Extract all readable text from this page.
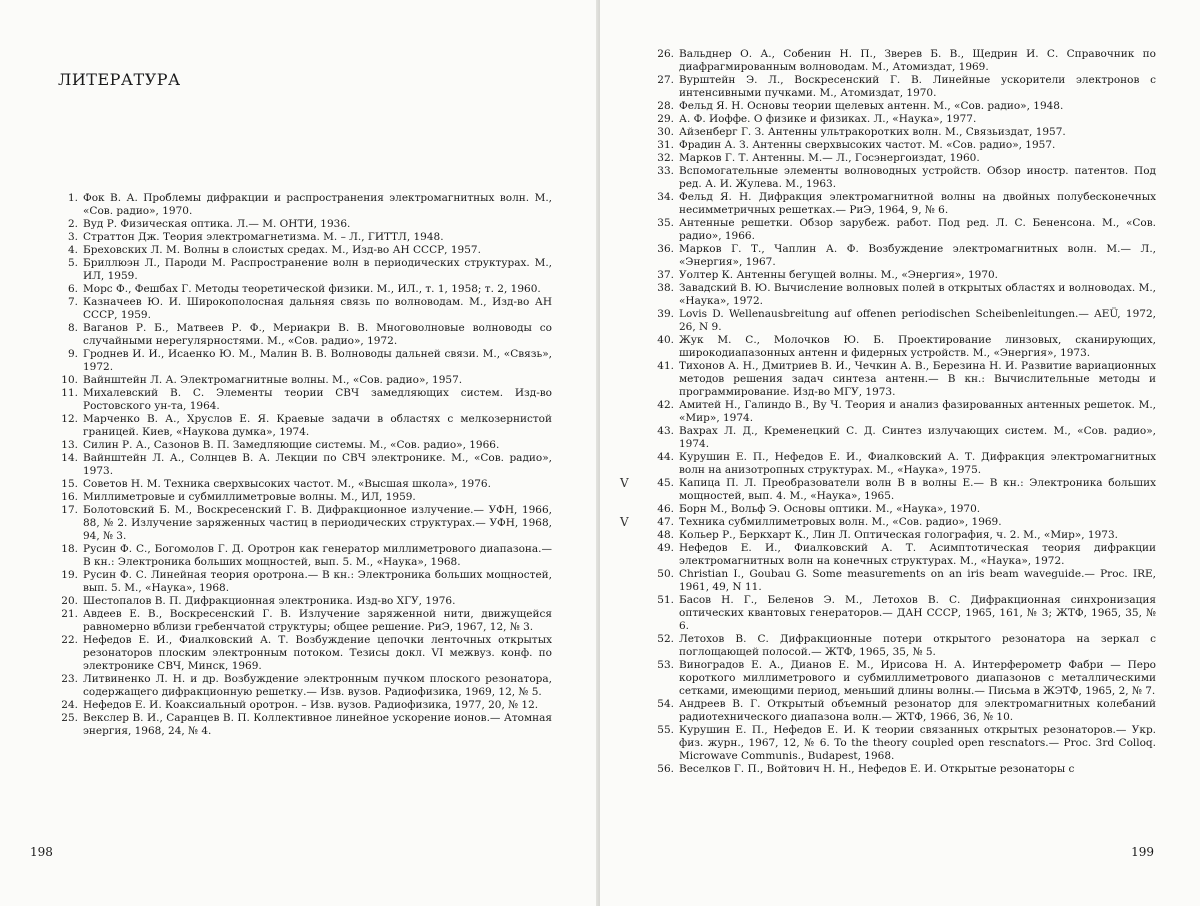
ЛИТЕРАТУРА
1. Фок В. А. Проблемы дифракции и распространения электромагнитных волн. М., «Сов. радио», 1970.
2. Вуд Р. Физическая оптика. Л.— М. ОНТИ, 1936.
3. Страттон Дж. Теория электромагнетизма. М. – Л., ГИТТЛ, 1948.
4. Бреховских Л. М. Волны в слоистых средах. М., Изд-во АН СССР, 1957.
5. Бриллюэн Л., Пароди М. Распространение волн в периодических структурах. М., ИЛ, 1959.
6. Морс Ф., Фешбах Г. Методы теоретической физики. М., ИЛ., т. 1, 1958; т. 2, 1960.
7. Казначеев Ю. И. Широкополосная дальняя связь по волноводам. М., Изд-во АН СССР, 1959.
8. Ваганов Р. Б., Матвеев Р. Ф., Мериакри В. В. Многоволновые волноводы со случайными нерегулярностями. М., «Сов. радио», 1972.
9. Гроднев И. И., Исаенко Ю. М., Малин В. В. Волноводы дальней связи. М., «Связь», 1972.
10. Вайнштейн Л. А. Электромагнитные волны. М., «Сов. радио», 1957.
11. Михалевский В. С. Элементы теории СВЧ замедляющих систем. Изд-во Ростовского ун-та, 1964.
12. Марченко В. А., Хруслов Е. Я. Краевые задачи в областях с мелкозернистой границей. Киев, «Наукова думка», 1974.
13. Силин Р. А., Сазонов В. П. Замедляющие системы. М., «Сов. радио», 1966.
14. Вайнштейн Л. А., Солнцев В. А. Лекции по СВЧ электронике. М., «Сов. радио», 1973.
15. Советов Н. М. Техника сверхвысоких частот. М., «Высшая школа», 1976.
16. Миллиметровые и субмиллиметровые волны. М., ИЛ, 1959.
17. Болотовский Б. М., Воскресенский Г. В. Дифракционное излучение.— УФН, 1966, 88, № 2. Излучение заряженных частиц в периодических структурах.— УФН, 1968, 94, № 3.
18. Русин Ф. С., Богомолов Г. Д. Оротрон как генератор миллиметрового диапазона.— В кн.: Электроника больших мощностей, вып. 5. М., «Наука», 1968.
19. Русин Ф. С. Линейная теория оротрона.— В кн.: Электроника больших мощностей, вып. 5. М., «Наука», 1968.
20. Шестопалов В. П. Дифракционная электроника. Изд-во ХГУ, 1976.
21. Авдеев Е. В., Воскресенский Г. В. Излучение заряженной нити, движущейся равномерно вблизи гребенчатой структуры; общее решение. РиЭ, 1967, 12, № 3.
22. Нефедов Е. И., Фиалковский А. Т. Возбуждение цепочки ленточных открытых резонаторов плоским электронным потоком. Тезисы докл. VI межвуз. конф. по электронике СВЧ, Минск, 1969.
23. Литвиненко Л. Н. и др. Возбуждение электронным пучком плоского резонатора, содержащего дифракционную решетку.— Изв. вузов. Радиофизика, 1969, 12, № 5.
24. Нефедов Е. И. Коаксиальный оротрон. – Изв. вузов. Радиофизика, 1977, 20, № 12.
25. Векслер В. И., Саранцев В. П. Коллективное линейное ускорение ионов.— Атомная энергия, 1968, 24, № 4.
198
26. Вальднер О. А., Собенин Н. П., Зверев Б. В., Щедрин И. С. Справочник по диафрагмированным волноводам. М., Атомиздат, 1969.
27. Вурштейн Э. Л., Воскресенский Г. В. Линейные ускорители электронов с интенсивными пучками. М., Атомиздат, 1970.
28. Фельд Я. Н. Основы теории щелевых антенн. М., «Сов. радио», 1948.
29. А. Ф. Иоффе. О физике и физиках. Л., «Наука», 1977.
30. Айзенберг Г. З. Антенны ультракоротких волн. М., Связьиздат, 1957.
31. Фрадин А. З. Антенны сверхвысоких частот. М. «Сов. радио», 1957.
32. Марков Г. Т. Антенны. М.— Л., Госэнергоиздат, 1960.
33. Вспомогательные элементы волноводных устройств. Обзор иностр. патентов. Под ред. А. И. Жулева. М., 1963.
34. Фельд Я. Н. Дифракция электромагнитной волны на двойных полубесконечных несимметричных решетках.— РиЭ, 1964, 9, № 6.
35. Антенные решетки. Обзор зарубеж. работ. Под ред. Л. С. Бененсона. М., «Сов. радио», 1966.
36. Марков Г. Т., Чаплин А. Ф. Возбуждение электромагнитных волн. М.— Л., «Энергия», 1967.
37. Уолтер К. Антенны бегущей волны. М., «Энергия», 1970.
38. Завадский В. Ю. Вычисление волновых полей в открытых областях и волноводах. М., «Наука», 1972.
39. Lovis D. Wellenausbreitung auf offenen periodischen Scheibenleitungen.— AEÜ, 1972, 26, N 9.
40. Жук М. С., Молочков Ю. Б. Проектирование линзовых, сканирующих, широкодиапазонных антенн и фидерных устройств. М., «Энергия», 1973.
41. Тихонов А. Н., Дмитриев В. И., Чечкин А. В., Березина Н. И. Развитие вариационных методов решения задач синтеза антенн.— В кн.: Вычислительные методы и программирование. Изд-во МГУ, 1973.
42. Амитей Н., Галиндо В., Ву Ч. Теория и анализ фазированных антенных решеток. М., «Мир», 1974.
43. Вахрах Л. Д., Кременецкий С. Д. Синтез излучающих систем. М., «Сов. радио», 1974.
44. Курушин Е. П., Нефедов Е. И., Фиалковский А. Т. Дифракция электромагнитных волн на анизотропных структурах. М., «Наука», 1975.
V	45. Капица П. Л. Преобразователи волн В в волны Е.— В кн.: Электроника больших мощностей, вып. 4. М., «Наука», 1965.
46. Борн М., Вольф Э. Основы оптики. М., «Наука», 1970.
V	47. Техника субмиллиметровых волн. М., «Сов. радио», 1969.
48. Кольер Р., Беркхарт К., Лин Л. Оптическая голография, ч. 2. М., «Мир», 1973.
49. Нефедов Е. И., Фиалковский А. Т. Асимптотическая теория дифракции электромагнитных волн на конечных структурах. М., «Наука», 1972.
50. Christian I., Goubau G. Some measurements on an iris beam waveguide.— Proc. IRE, 1961, 49, N 11.
51. Басов Н. Г., Беленов Э. М., Летохов В. С. Дифракционная синхронизация оптических квантовых генераторов.— ДАН СССР, 1965, 161, № 3; ЖТФ, 1965, 35, № 6.
52. Летохов В. С. Дифракционные потери открытого резонатора на зеркал с поглощающей полосой.— ЖТФ, 1965, 35, № 5.
53. Виноградов Е. А., Дианов Е. М., Ирисова Н. А. Интерферометр Фабри — Перо короткого миллиметрового и субмиллиметрового диапазонов с металлическими сетками, имеющими период, меньший длины волны.— Письма в ЖЭТФ, 1965, 2, № 7.
54. Андреев В. Г. Открытый объемный резонатор для электромагнитных колебаний радиотехнического диапазона волн.— ЖТФ, 1966, 36, № 10.
55. Курушин Е. П., Нефедов Е. И. К теории связанных открытых резонаторов.— Укр. физ. журн., 1967, 12, № 6. To the theory coupled open rescnators.— Proc. 3rd Colloq. Microwave Communis., Budapest, 1968.
56. Веселков Г. П., Войтович Н. Н., Нефедов Е. И. Открытые резонаторы с
199
